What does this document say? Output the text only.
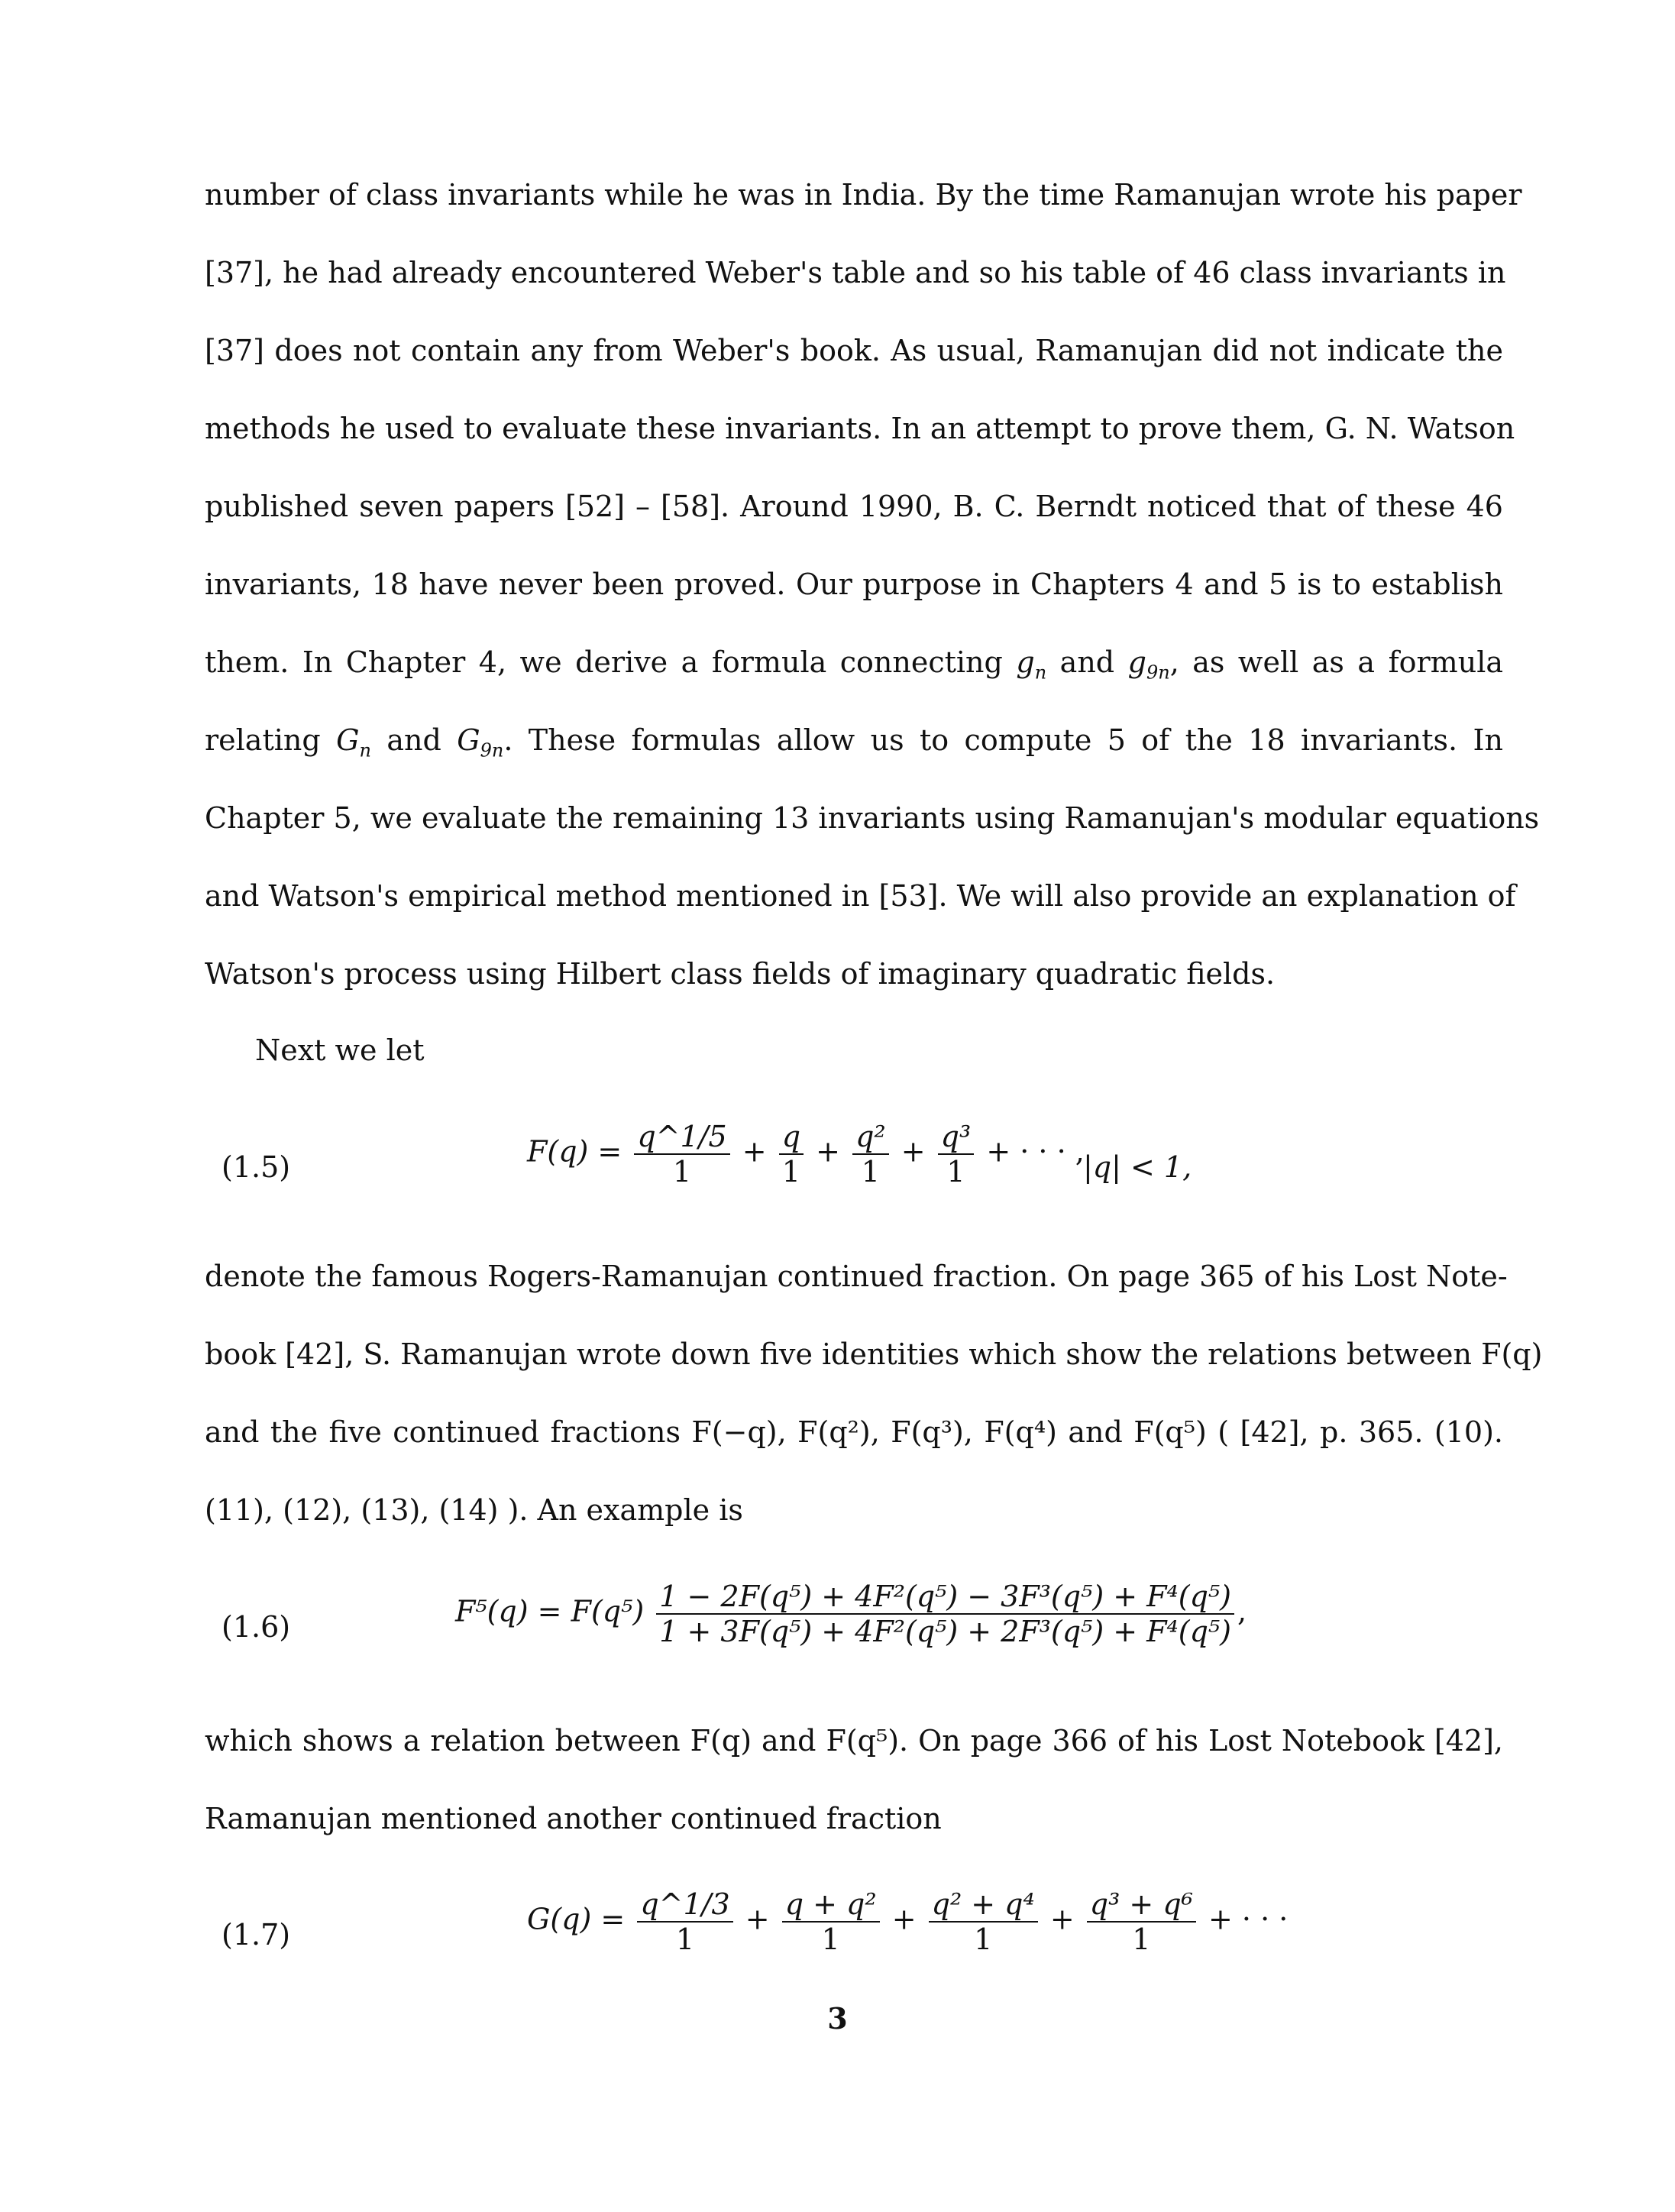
number of class invariants while he was in India. By the time Ramanujan wrote his paper
[37], he had already encountered Weber's table and so his table of 46 class invariants in
[37] does not contain any from Weber's book. As usual, Ramanujan did not indicate the
methods he used to evaluate these invariants. In an attempt to prove them, G. N. Watson
published seven papers [52] – [58]. Around 1990, B. C. Berndt noticed that of these 46
invariants, 18 have never been proved. Our purpose in Chapters 4 and 5 is to establish
them. In Chapter 4, we derive a formula connecting $g_n$ and $g_{9n}$, as well as a formula
relating $G_n$ and $G_{9n}$. These formulas allow us to compute 5 of the 18 invariants. In
Chapter 5, we evaluate the remaining 13 invariants using Ramanujan's modular equations
and Watson's empirical method mentioned in [53]. We will also provide an explanation of
Watson's process using Hilbert class fields of imaginary quadratic fields.
Next we let
(1.5)	$F(q) = \frac{q\^{}1/5}{1} + \frac{q}{1} + \frac{\text{q²}}{1} + \frac{\text{q³}}{1}$ + · · · ,
|q| < 1,
denote the famous Rogers-Ramanujan continued fraction. On page 365 of his Lost Note-
book [42], S. Ramanujan wrote down five identities which show the relations between F(q)
and the five continued fractions F(−q), F(q²), F(q³), F(q⁴) and F(q⁵) ( [42], p. 365. (10).
(11), (12), (13), (14) ). An example is
(1.6)	$F^5(q) = F(q^5) \frac{\text{1 − 2F(q⁵) + 4F²(q⁵) − 3F³(q⁵) + F⁴(q⁵)}}{\text{1 + 3F(q⁵) + 4F²(q⁵) + 2F³(q⁵) + F⁴(q⁵)}}$ ,
which shows a relation between F(q) and F(q⁵). On page 366 of his Lost Notebook [42],
Ramanujan mentioned another continued fraction
(1.7)	$G(q) = \frac{q\^{}1/3}{1} + \frac{\text{q + q²}}{1} + \frac{\text{q² + q⁴}}{1} + \frac{\text{q³ + q⁶}}{1}$ + · · ·
3
